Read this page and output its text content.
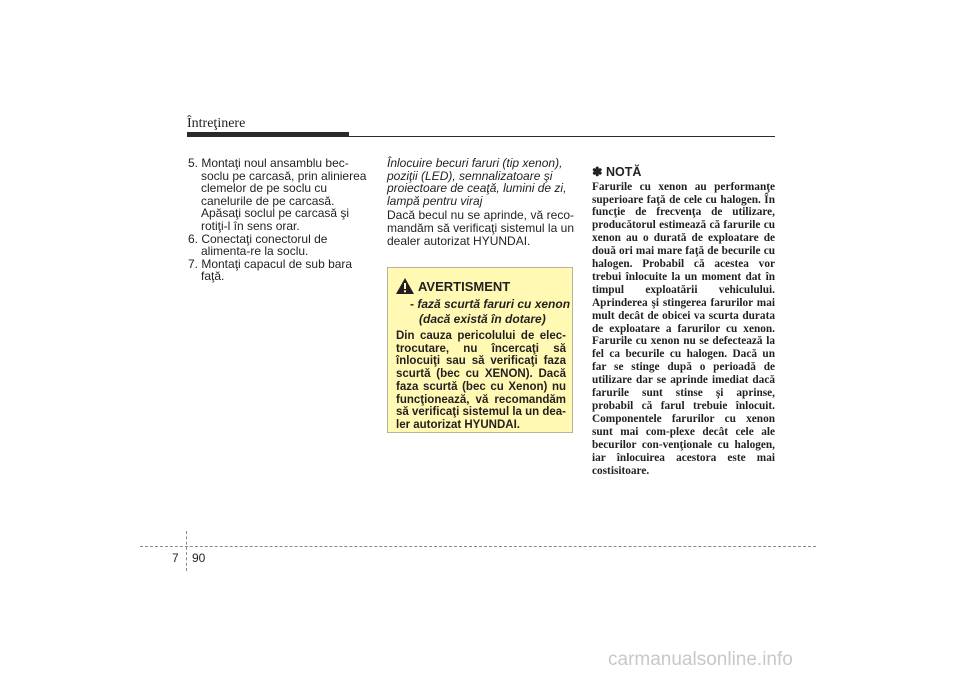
Întreţinere
5. Montaţi noul ansamblu bec-soclu pe carcasă, prin alinierea clemelor de pe soclu cu canelurile de pe carcasă. Apăsaţi soclul pe carcasă şi rotiţi-l în sens orar.
6. Conectaţi conectorul de alimenta-re la soclu.
7. Montaţi capacul de sub bara faţă.
Înlocuire becuri faruri (tip xenon), poziţii (LED), semnalizatoare şi proiectoare de ceaţă, lumini de zi, lampă pentru viraj
Dacă becul nu se aprinde, vă reco-mandăm să verificaţi sistemul la un dealer autorizat HYUNDAI.
AVERTISMENT
- fază scurtă faruri cu xenon
(dacă există în dotare)
Din cauza pericolului de elec-trocutare, nu încercaţi să înlocuiţi sau să verificaţi faza scurtă (bec cu XENON). Dacă faza scurtă (bec cu Xenon) nu funcţionează, vă recomandăm să verificaţi sistemul la un dea-ler autorizat HYUNDAI.
✽ NOTĂ
Farurile cu xenon au performanţe superioare faţă de cele cu halogen. În funcţie de frecvenţa de utilizare, producătorul estimează că farurile cu xenon au o durată de exploatare de două ori mai mare faţă de becurile cu halogen. Probabil că acestea vor trebui înlocuite la un moment dat în timpul exploatării vehiculului. Aprinderea şi stingerea farurilor mai mult decât de obicei va scurta durata de exploatare a farurilor cu xenon. Farurile cu xenon nu se defectează la fel ca becurile cu halogen. Dacă un far se stinge după o perioadă de utilizare dar se aprinde imediat dacă farurile sunt stinse şi aprinse, probabil că farul trebuie înlocuit. Componentele farurilor cu xenon sunt mai com-plexe decât cele ale becurilor con-venţionale cu halogen, iar înlocuirea acestora este mai costisitoare.
7 90
carmanualsonline.info
